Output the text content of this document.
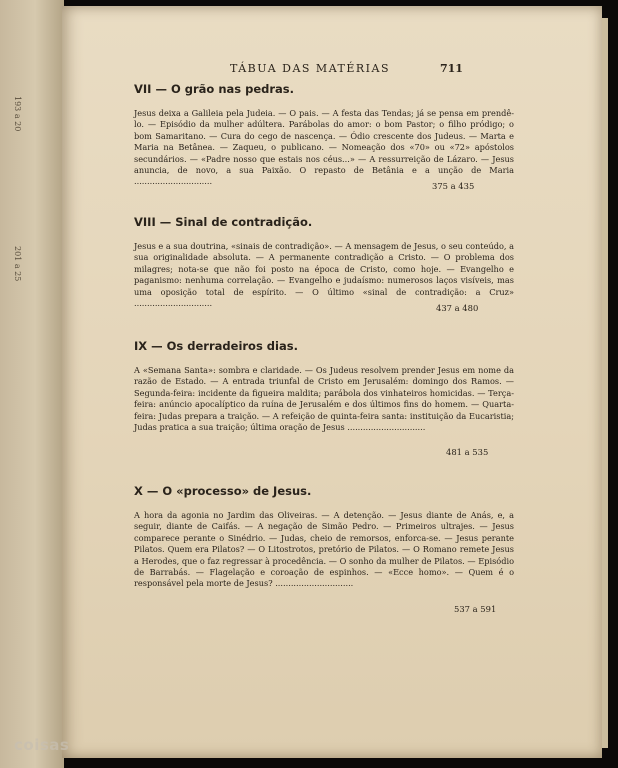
193 a 20
201 a 25
TÁBUA DAS MATÉRIAS	711
VII — O grão nas pedras.
Jesus deixa a Galileia pela Judeia. — O pais. — A festa das Tendas; já se pensa em prendê-lo. — Episódio da mulher adúltera. Parábolas do amor: o bom Pastor; o filho pródigo; o bom Samaritano. — Cura do cego de nascença. — Ódio crescente dos Judeus. — Marta e Maria na Betânea. — Zaqueu, o publicano. — Nomeação dos «70» ou «72» apóstolos secundários. — «Padre nosso que estais nos céus...» — A ressurreição de Lázaro. — Jesus anuncia, de novo, a sua Paixão. O repasto de Betânia e a unção de Maria ..............................	375 a 435
VIII — Sinal de contradição.
Jesus e a sua doutrina, «sinais de contradição». — A mensagem de Jesus, o seu conteúdo, a sua originalidade absoluta. — A permanente contradição a Cristo. — O problema dos milagres; nota-se que não foi posto na época de Cristo, como hoje. — Evangelho e paganismo: nenhuma correlação. — Evangelho e judaísmo: numerosos laços visíveis, mas uma oposição total de espírito. — O último «sinal de contradição: a Cruz» ..............................	437 a 480
IX — Os derradeiros dias.
A «Semana Santa»: sombra e claridade. — Os Judeus resolvem prender Jesus em nome da razão de Estado. — A entrada triunfal de Cristo em Jerusalém: domingo dos Ramos. — Segunda-feira: incidente da figueira maldita; parábola dos vinhateiros homicidas. — Terça-feira: anúncio apocalíptico da ruína de Jerusalém e dos últimos fins do homem. — Quarta-feira: Judas prepara a traição. — A refeição de quinta-feira santa: instituição da Eucaristia; Judas pratica a sua traição; última oração de Jesus ..............................
481 a 535
X — O «processo» de Jesus.
A hora da agonia no Jardim das Oliveiras. — A detenção. — Jesus diante de Anás, e, a seguir, diante de Caifás. — A negação de Simão Pedro. — Primeiros ultrajes. — Jesus comparece perante o Sinédrio. — Judas, cheio de remorsos, enforca-se. — Jesus perante Pilatos. Quem era Pilatos? — O Litostrotos, pretório de Pilatos. — O Romano remete Jesus a Herodes, que o faz regressar à procedência. — O sonho da mulher de Pilatos. — Episódio de Barrabás. — Flagelação e coroação de espinhos. — «Ecce homo». — Quem é o responsável pela morte de Jesus? ..............................
537 a 591
coisas
